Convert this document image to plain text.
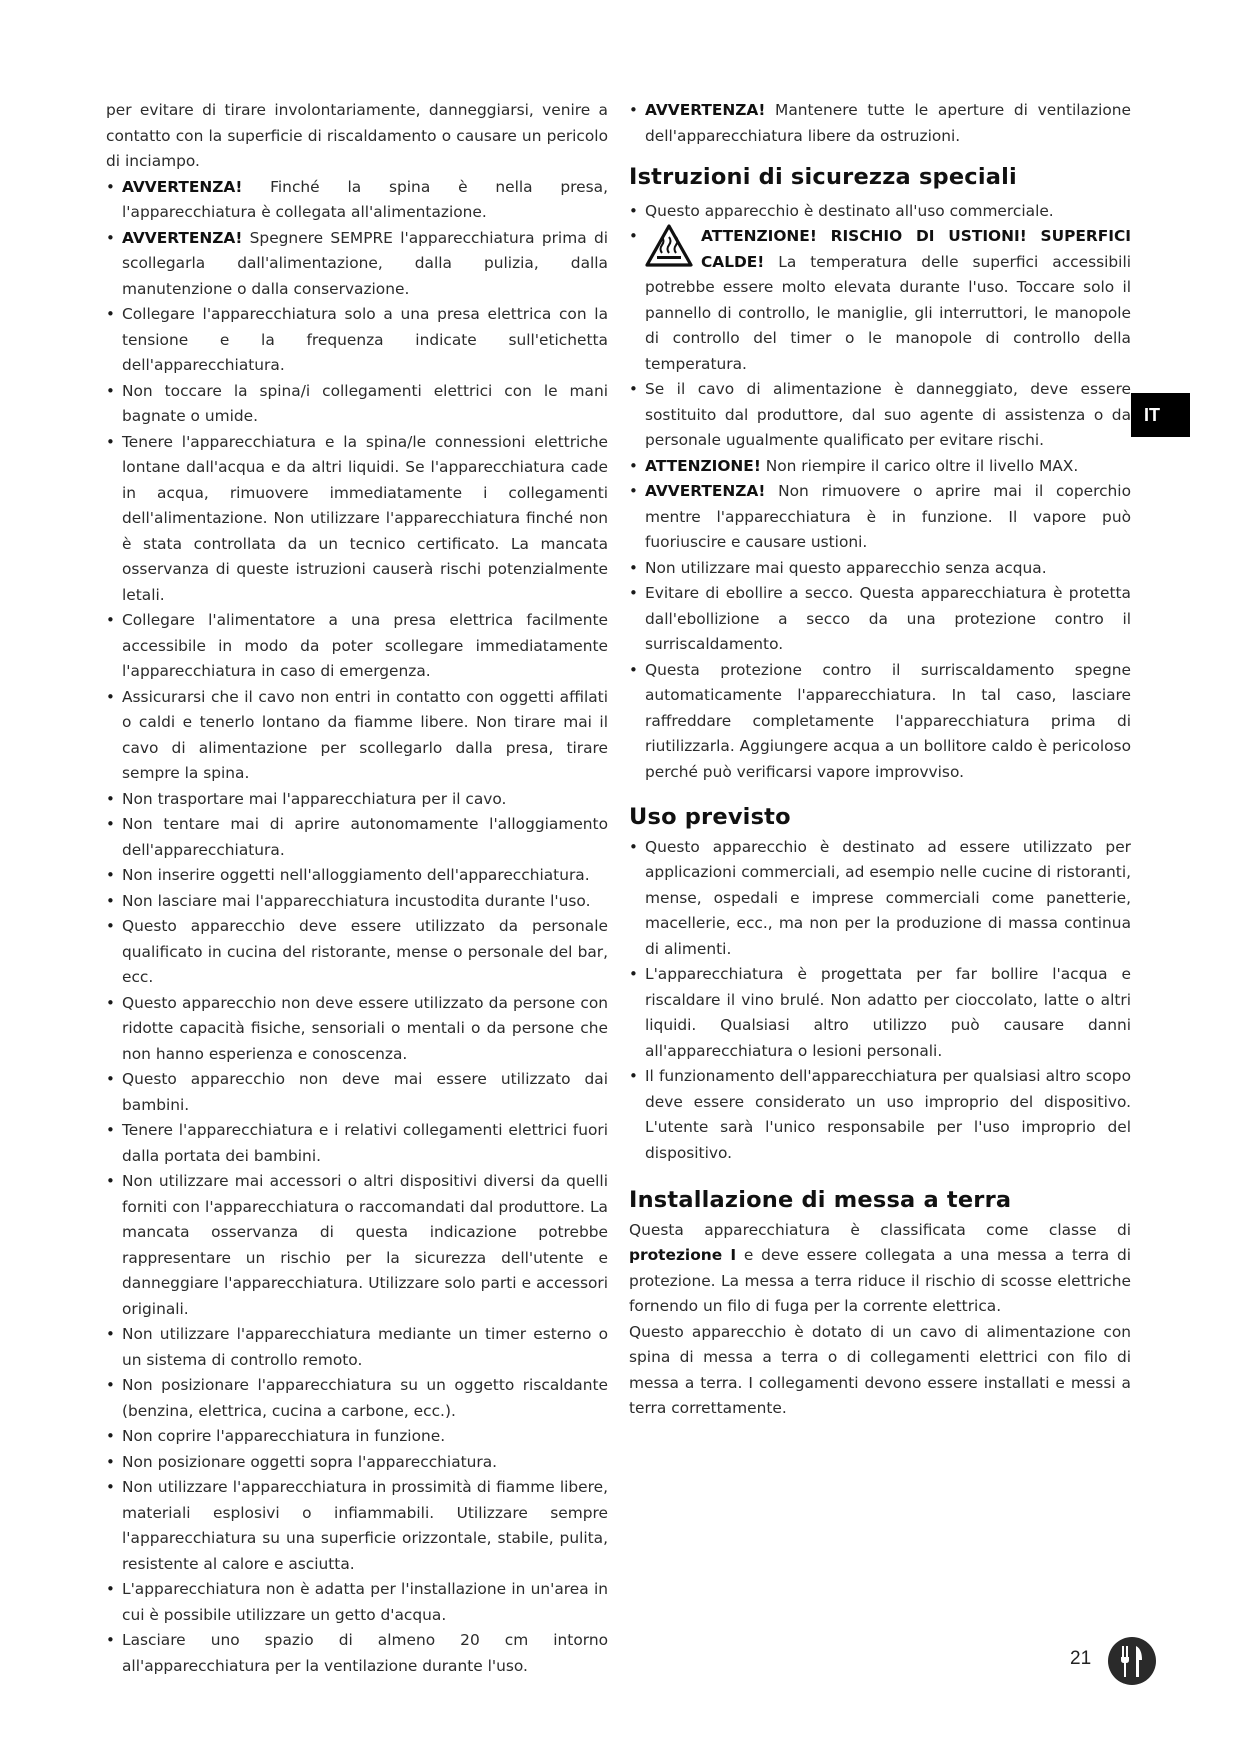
per evitare di tirare involontariamente, danneggiarsi, venire a contatto con la superficie di riscaldamento o causare un pericolo di inciampo.

• AVVERTENZA! Finché la spina è nella presa, l'apparecchiatura è collegata all'alimentazione.
• AVVERTENZA! Spegnere SEMPRE l'apparecchiatura prima di scollegarla dall'alimentazione, dalla pulizia, dalla manutenzione o dalla conservazione.
• Collegare l'apparecchiatura solo a una presa elettrica con la tensione e la frequenza indicate sull'etichetta dell'apparecchiatura.
• Non toccare la spina/i collegamenti elettrici con le mani bagnate o umide.
• Tenere l'apparecchiatura e la spina/le connessioni elettriche lontane dall'acqua e da altri liquidi. Se l'apparecchiatura cade in acqua, rimuovere immediatamente i collegamenti dell'alimentazione. Non utilizzare l'apparecchiatura finché non è stata controllata da un tecnico certificato. La mancata osservanza di queste istruzioni causerà rischi potenzialmente letali.
• Collegare l'alimentatore a una presa elettrica facilmente accessibile in modo da poter scollegare immediatamente l'apparecchiatura in caso di emergenza.
• Assicurarsi che il cavo non entri in contatto con oggetti affilati o caldi e tenerlo lontano da fiamme libere. Non tirare mai il cavo di alimentazione per scollegarlo dalla presa, tirare sempre la spina.
• Non trasportare mai l'apparecchiatura per il cavo.
• Non tentare mai di aprire autonomamente l'alloggiamento dell'apparecchiatura.
• Non inserire oggetti nell'alloggiamento dell'apparecchiatura.
• Non lasciare mai l'apparecchiatura incustodita durante l'uso.
• Questo apparecchio deve essere utilizzato da personale qualificato in cucina del ristorante, mense o personale del bar, ecc.
• Questo apparecchio non deve essere utilizzato da persone con ridotte capacità fisiche, sensoriali o mentali o da persone che non hanno esperienza e conoscenza.
• Questo apparecchio non deve mai essere utilizzato dai bambini.
• Tenere l'apparecchiatura e i relativi collegamenti elettrici fuori dalla portata dei bambini.
• Non utilizzare mai accessori o altri dispositivi diversi da quelli forniti con l'apparecchiatura o raccomandati dal produttore. La mancata osservanza di questa indicazione potrebbe rappresentare un rischio per la sicurezza dell'utente e danneggiare l'apparecchiatura. Utilizzare solo parti e accessori originali.
• Non utilizzare l'apparecchiatura mediante un timer esterno o un sistema di controllo remoto.
• Non posizionare l'apparecchiatura su un oggetto riscaldante (benzina, elettrica, cucina a carbone, ecc.).
• Non coprire l'apparecchiatura in funzione.
• Non posizionare oggetti sopra l'apparecchiatura.
• Non utilizzare l'apparecchiatura in prossimità di fiamme libere, materiali esplosivi o infiammabili. Utilizzare sempre l'apparecchiatura su una superficie orizzontale, stabile, pulita, resistente al calore e asciutta.
• L'apparecchiatura non è adatta per l'installazione in un'area in cui è possibile utilizzare un getto d'acqua.
• Lasciare uno spazio di almeno 20 cm intorno all'apparecchiatura per la ventilazione durante l'uso.
• AVVERTENZA! Mantenere tutte le aperture di ventilazione dell'apparecchiatura libere da ostruzioni.
Istruzioni di sicurezza speciali
• Questo apparecchio è destinato all'uso commerciale.
• ATTENZIONE! RISCHIO DI USTIONI! SUPERFICI CALDE! La temperatura delle superfici accessibili potrebbe essere molto elevata durante l'uso. Toccare solo il pannello di controllo, le maniglie, gli interruttori, le manopole di controllo del timer o le manopole di controllo della temperatura.
• Se il cavo di alimentazione è danneggiato, deve essere sostituito dal produttore, dal suo agente di assistenza o da personale ugualmente qualificato per evitare rischi.
• ATTENZIONE! Non riempire il carico oltre il livello MAX.
• AVVERTENZA! Non rimuovere o aprire mai il coperchio mentre l'apparecchiatura è in funzione. Il vapore può fuoriuscire e causare ustioni.
• Non utilizzare mai questo apparecchio senza acqua.
• Evitare di ebollire a secco. Questa apparecchiatura è protetta dall'ebollizione a secco da una protezione contro il surriscaldamento.
• Questa protezione contro il surriscaldamento spegne automaticamente l'apparecchiatura. In tal caso, lasciare raffreddare completamente l'apparecchiatura prima di riutilizzarla. Aggiungere acqua a un bollitore caldo è pericoloso perché può verificarsi vapore improvviso.
Uso previsto
• Questo apparecchio è destinato ad essere utilizzato per applicazioni commerciali, ad esempio nelle cucine di ristoranti, mense, ospedali e imprese commerciali come panetterie, macellerie, ecc., ma non per la produzione di massa continua di alimenti.
• L'apparecchiatura è progettata per far bollire l'acqua e riscaldare il vino brulé. Non adatto per cioccolato, latte o altri liquidi. Qualsiasi altro utilizzo può causare danni all'apparecchiatura o lesioni personali.
• Il funzionamento dell'apparecchiatura per qualsiasi altro scopo deve essere considerato un uso improprio del dispositivo. L'utente sarà l'unico responsabile per l'uso improprio del dispositivo.
Installazione di messa a terra

Questa apparecchiatura è classificata come classe di protezione I e deve essere collegata a una messa a terra di protezione. La messa a terra riduce il rischio di scosse elettriche fornendo un filo di fuga per la corrente elettrica.

Questo apparecchio è dotato di un cavo di alimentazione con spina di messa a terra o di collegamenti elettrici con filo di messa a terra. I collegamenti devono essere installati e messi a terra correttamente.

IT
21
